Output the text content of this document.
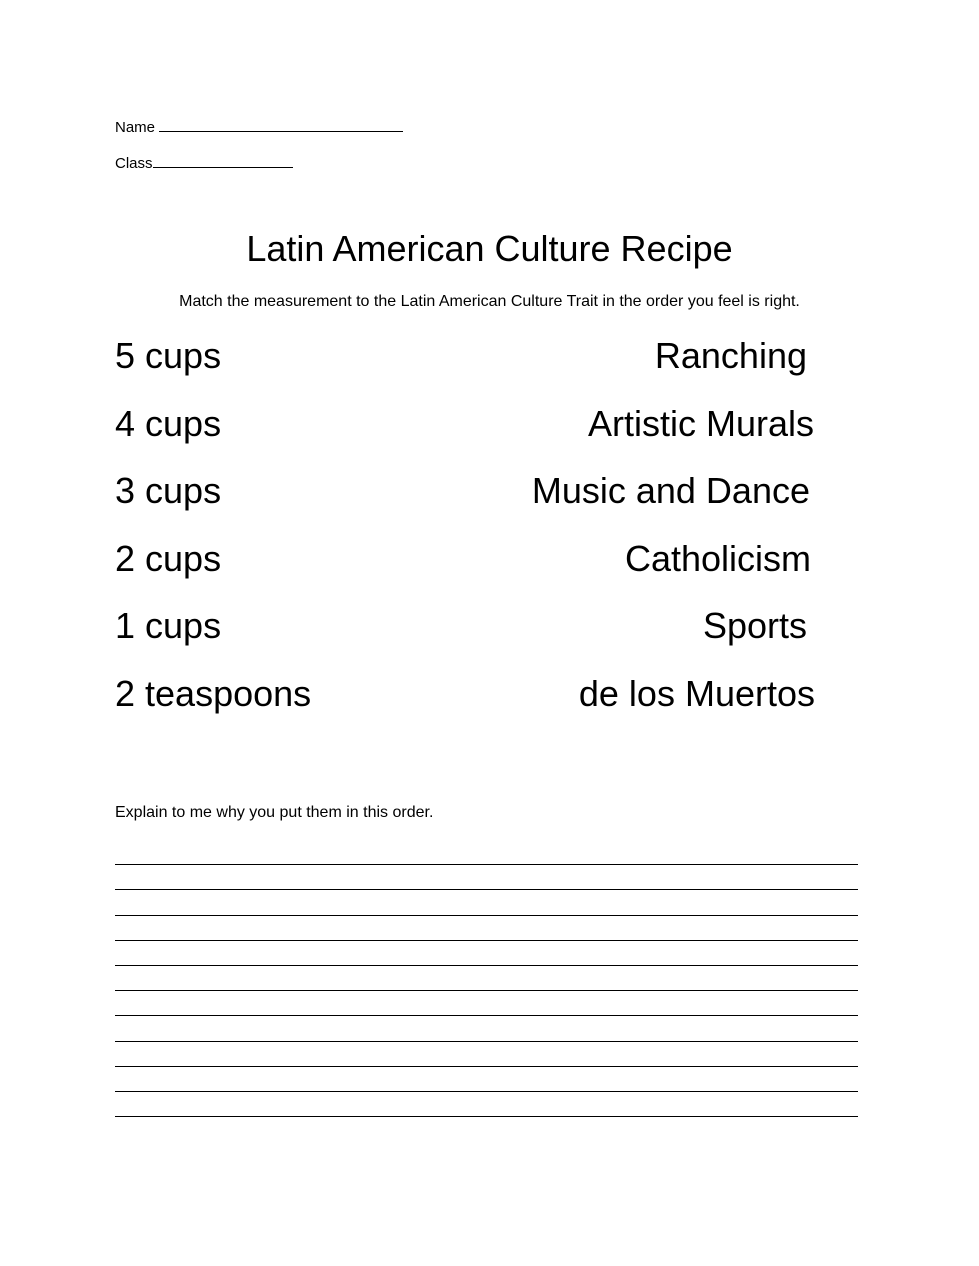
Name
Class
Latin American Culture Recipe
Match the measurement to the Latin American Culture Trait in the order you feel is right.
5 cups	Ranching
4 cups	Artistic Murals
3 cups	Music and Dance
2 cups	Catholicism
1 cups	Sports
2 teaspoons	de los Muertos
Explain to me why you put them in this order.
